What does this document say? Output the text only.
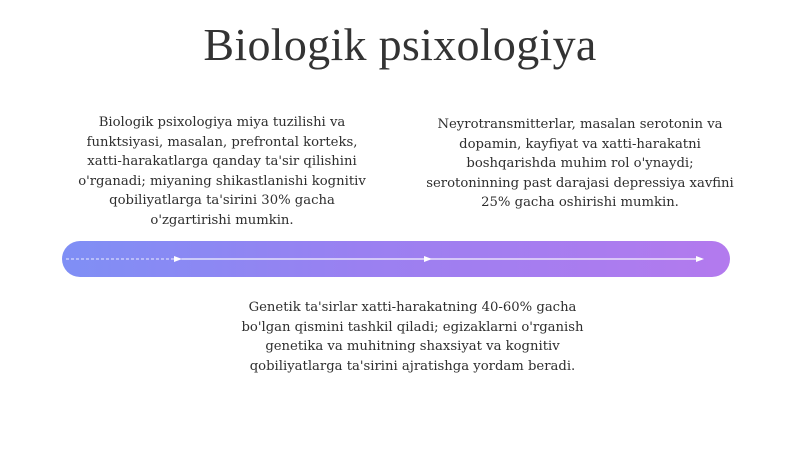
Biologik psixologiya
Biologik psixologiya miya tuzilishi va funktsiyasi, masalan, prefrontal korteks, xatti-harakatlarga qanday ta'sir qilishini o'rganadi; miyaning shikastlanishi kognitiv qobiliyatlarga ta'sirini 30% gacha o'zgartirishi mumkin.
Neyrotransmitterlar, masalan serotonin va dopamin, kayfiyat va xatti-harakatni boshqarishda muhim rol o'ynaydi; serotoninning past darajasi depressiya xavfini 25% gacha oshirishi mumkin.
Genetik ta'sirlar xatti-harakatning 40-60% gacha bo'lgan qismini tashkil qiladi; egizaklarni o'rganish genetika va muhitning shaxsiyat va kognitiv qobiliyatlarga ta'sirini ajratishga yordam beradi.
